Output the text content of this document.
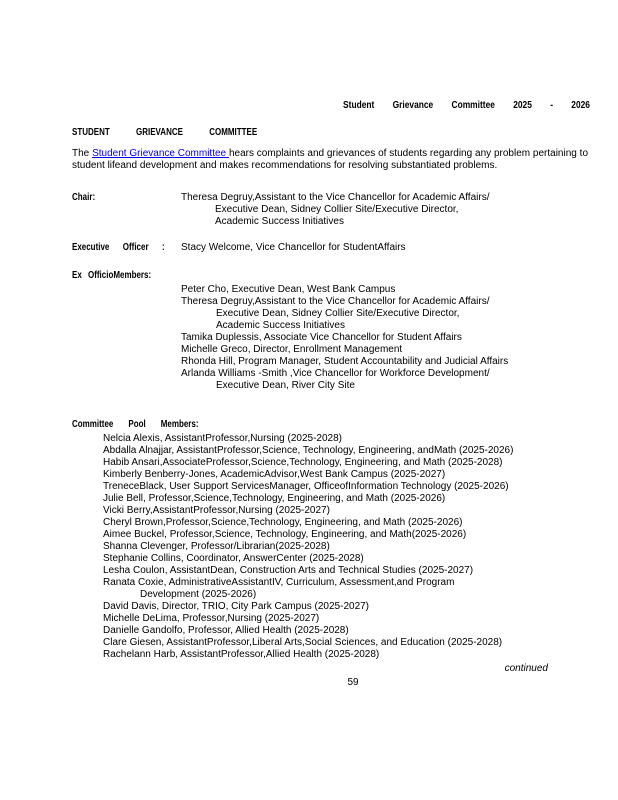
Student Grievance Committee 2025 - 2026
STUDENT GRIEVANCE COMMITTEE

The Student Grievance Committee hears complaints and grievances of students regarding any problem pertaining to student lifeand development and makes recommendations for resolving substantiated problems.

Chair:	Theresa Degruy,Assistant to the Vice Chancellor for Academic Affairs/
Executive Dean, Sidney Collier Site/Executive Director,
Academic Success Initiatives
Executive Officer :	Stacy Welcome, Vice Chancellor for StudentAffairs
Ex OfficioMembers:
Peter Cho, Executive Dean, West Bank Campus
Theresa Degruy,Assistant to the Vice Chancellor for Academic Affairs/
Executive Dean, Sidney Collier Site/Executive Director,
Academic Success Initiatives
Tamika Duplessis, Associate Vice Chancellor for Student Affairs
Michelle Greco, Director, Enrollment Management
Rhonda Hill, Program Manager, Student Accountability and Judicial Affairs
Arlanda Williams -Smith ,Vice Chancellor for Workforce Development/
Executive Dean, River City Site
Committee Pool Members:
Nelcia Alexis, AssistantProfessor,Nursing (2025-2028)
Abdalla Alnajjar, AssistantProfessor,Science, Technology, Engineering, andMath (2025-2026)
Habib Ansari,AssociateProfessor,Science,Technology, Engineering, and Math (2025-2028)
Kimberly Benberry-Jones, AcademicAdvisor,West Bank Campus (2025-2027)
TreneceBlack, User Support ServicesManager, OfficeofInformation Technology (2025-2026)
Julie Bell, Professor,Science,Technology, Engineering, and Math (2025-2026)
Vicki Berry,AssistantProfessor,Nursing (2025-2027)
Cheryl Brown,Professor,Science,Technology, Engineering, and Math (2025-2026)
Aimee Buckel, Professor,Science, Technology, Engineering, and Math(2025-2026)
Shanna Clevenger, Professor/Librarian(2025-2028)
Stephanie Collins, Coordinator, AnswerCenter (2025-2028)
Lesha Coulon, AssistantDean, Construction Arts and Technical Studies (2025-2027)
Ranata Coxie, AdministrativeAssistantIV, Curriculum, Assessment,and Program
Development (2025-2026)
David Davis, Director, TRIO, City Park Campus (2025-2027)
Michelle DeLima, Professor,Nursing (2025-2027)
Danielle Gandolfo, Professor, Allied Health (2025-2028)
Clare Giesen, AssistantProfessor,Liberal Arts,Social Sciences, and Education (2025-2028)
Rachelann Harb, AssistantProfessor,Allied Health (2025-2028)
continued
59
